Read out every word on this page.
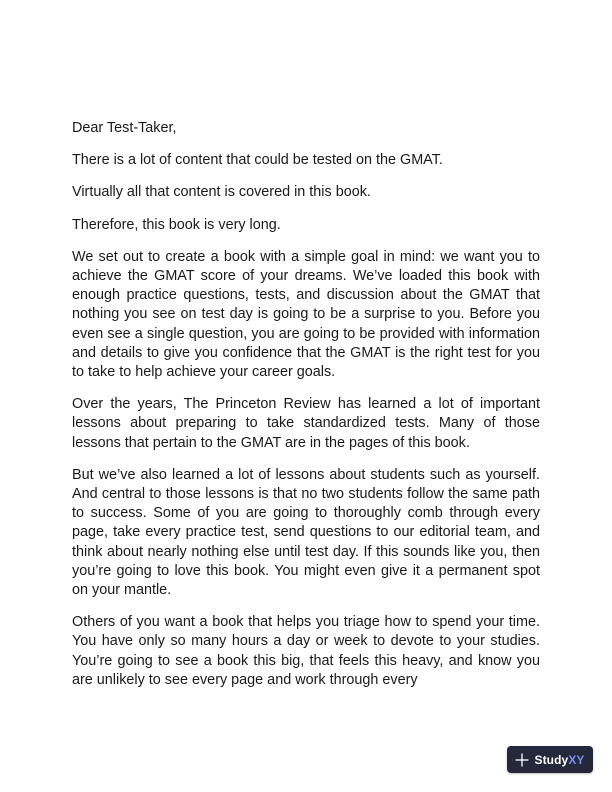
Dear Test-Taker,

There is a lot of content that could be tested on the GMAT.

Virtually all that content is covered in this book.

Therefore, this book is very long.

We set out to create a book with a simple goal in mind: we want you to achieve the GMAT score of your dreams. We’ve loaded this book with enough practice questions, tests, and discussion about the GMAT that nothing you see on test day is going to be a surprise to you. Before you even see a single question, you are going to be provided with information and details to give you confidence that the GMAT is the right test for you to take to help achieve your career goals.

Over the years, The Princeton Review has learned a lot of important lessons about preparing to take standardized tests. Many of those lessons that pertain to the GMAT are in the pages of this book.

But we’ve also learned a lot of lessons about students such as yourself. And central to those lessons is that no two students follow the same path to success. Some of you are going to thoroughly comb through every page, take every practice test, send questions to our editorial team, and think about nearly nothing else until test day. If this sounds like you, then you’re going to love this book. You might even give it a permanent spot on your mantle.

Others of you want a book that helps you triage how to spend your time. You have only so many hours a day or week to devote to your studies. You’re going to see a book this big, that feels this heavy, and know you are unlikely to see every page and work through every

StudyXY
